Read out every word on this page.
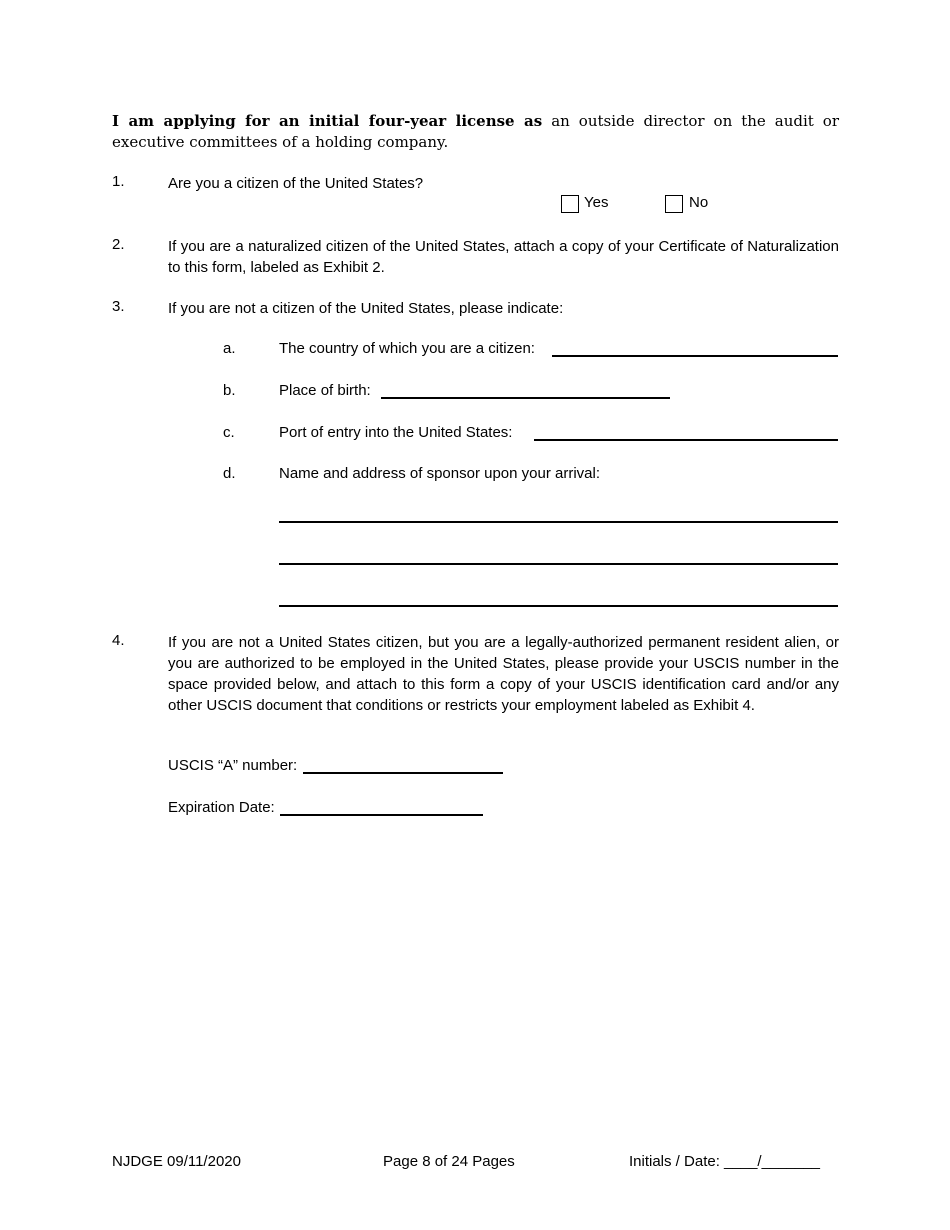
I am applying for an initial four-year license as an outside director on the audit or executive committees of a holding company.
1.	Are you a citizen of the United States?
Yes	No
2.	If you are a naturalized citizen of the United States, attach a copy of your Certificate of Naturalization to this form, labeled as Exhibit 2.
3.	If you are not a citizen of the United States, please indicate:
a.	The country of which you are a citizen:
b.	Place of birth:
c.	Port of entry into the United States:
d.	Name and address of sponsor upon your arrival:
4.	If you are not a United States citizen, but you are a legally-authorized permanent resident alien, or you are authorized to be employed in the United States, please provide your USCIS number in the space provided below, and attach to this form a copy of your USCIS identification card and/or any other USCIS document that conditions or restricts your employment labeled as Exhibit 4.
USCIS “A” number:
Expiration Date:
NJDGE 09/11/2020	Page 8 of 24 Pages	Initials / Date: ____/_______
